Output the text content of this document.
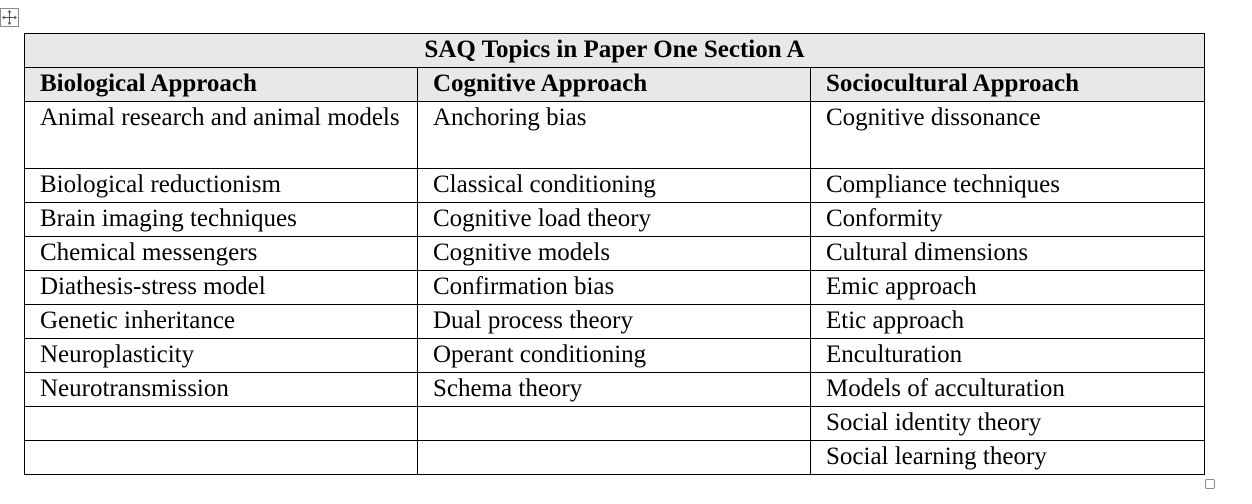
SAQ Topics in Paper One Section A		
Biological Approach	Cognitive Approach	Sociocultural Approach

Animal research and animal models	Anchoring bias	Cognitive dissonance

Biological reductionism	Classical conditioning	Compliance techniques

Brain imaging techniques	Cognitive load theory	Conformity

Chemical messengers	Cognitive models	Cultural dimensions

Diathesis-stress model	Confirmation bias	Emic approach

Genetic inheritance	Dual process theory	Etic approach

Neuroplasticity	Operant conditioning	Enculturation

Neurotransmission	Schema theory	Models of acculturation

		Social identity theory

		Social learning theory
